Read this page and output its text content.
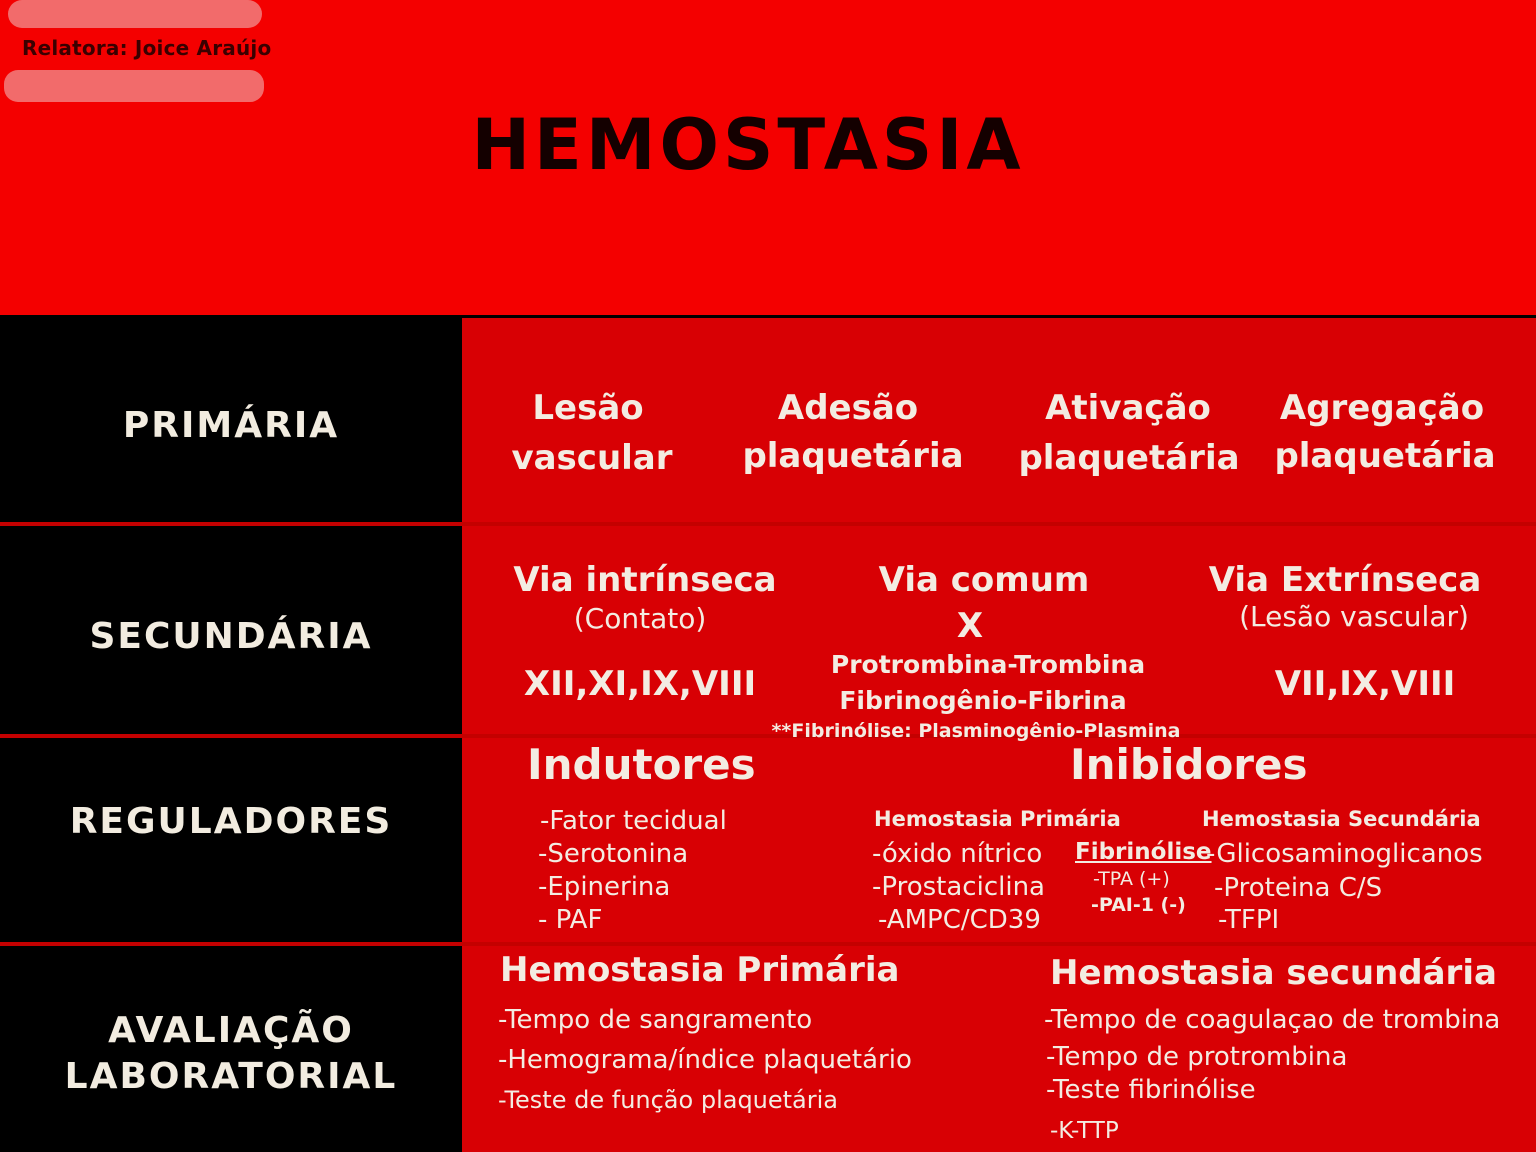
Relatora: Joice Araújo
HEMOSTASIA
PRIMÁRIA
SECUNDÁRIA
REGULADORES
AVALIAÇÃO
LABORATORIAL
Lesão
vascular
Adesão
plaquetária
Ativação
plaquetária
Agregação
plaquetária
Via intrínseca
(Contato)
XII,XI,IX,VIII
Via comum
X
Protrombina-Trombina
Fibrinogênio-Fibrina
Via Extrínseca
(Lesão vascular)
VII,IX,VIII
**Fibrinólise: Plasminogênio-Plasmina
Indutores
-Fator tecidual
-Serotonina
-Epinerina
- PAF
Inibidores
Hemostasia Primária
-óxido nítrico
-Prostaciclina
-AMPC/CD39
Fibrinólise
-TPA (+)
-PAI-1 (-)
Hemostasia Secundária
-Glicosaminoglicanos
-Proteina C/S
-TFPI
Hemostasia Primária
-Tempo de sangramento
-Hemograma/índice plaquetário
-Teste de função plaquetária
Hemostasia secundária
-Tempo de coagulaçao de trombina
-Tempo de protrombina
-Teste fibrinólise
-K-TTP
